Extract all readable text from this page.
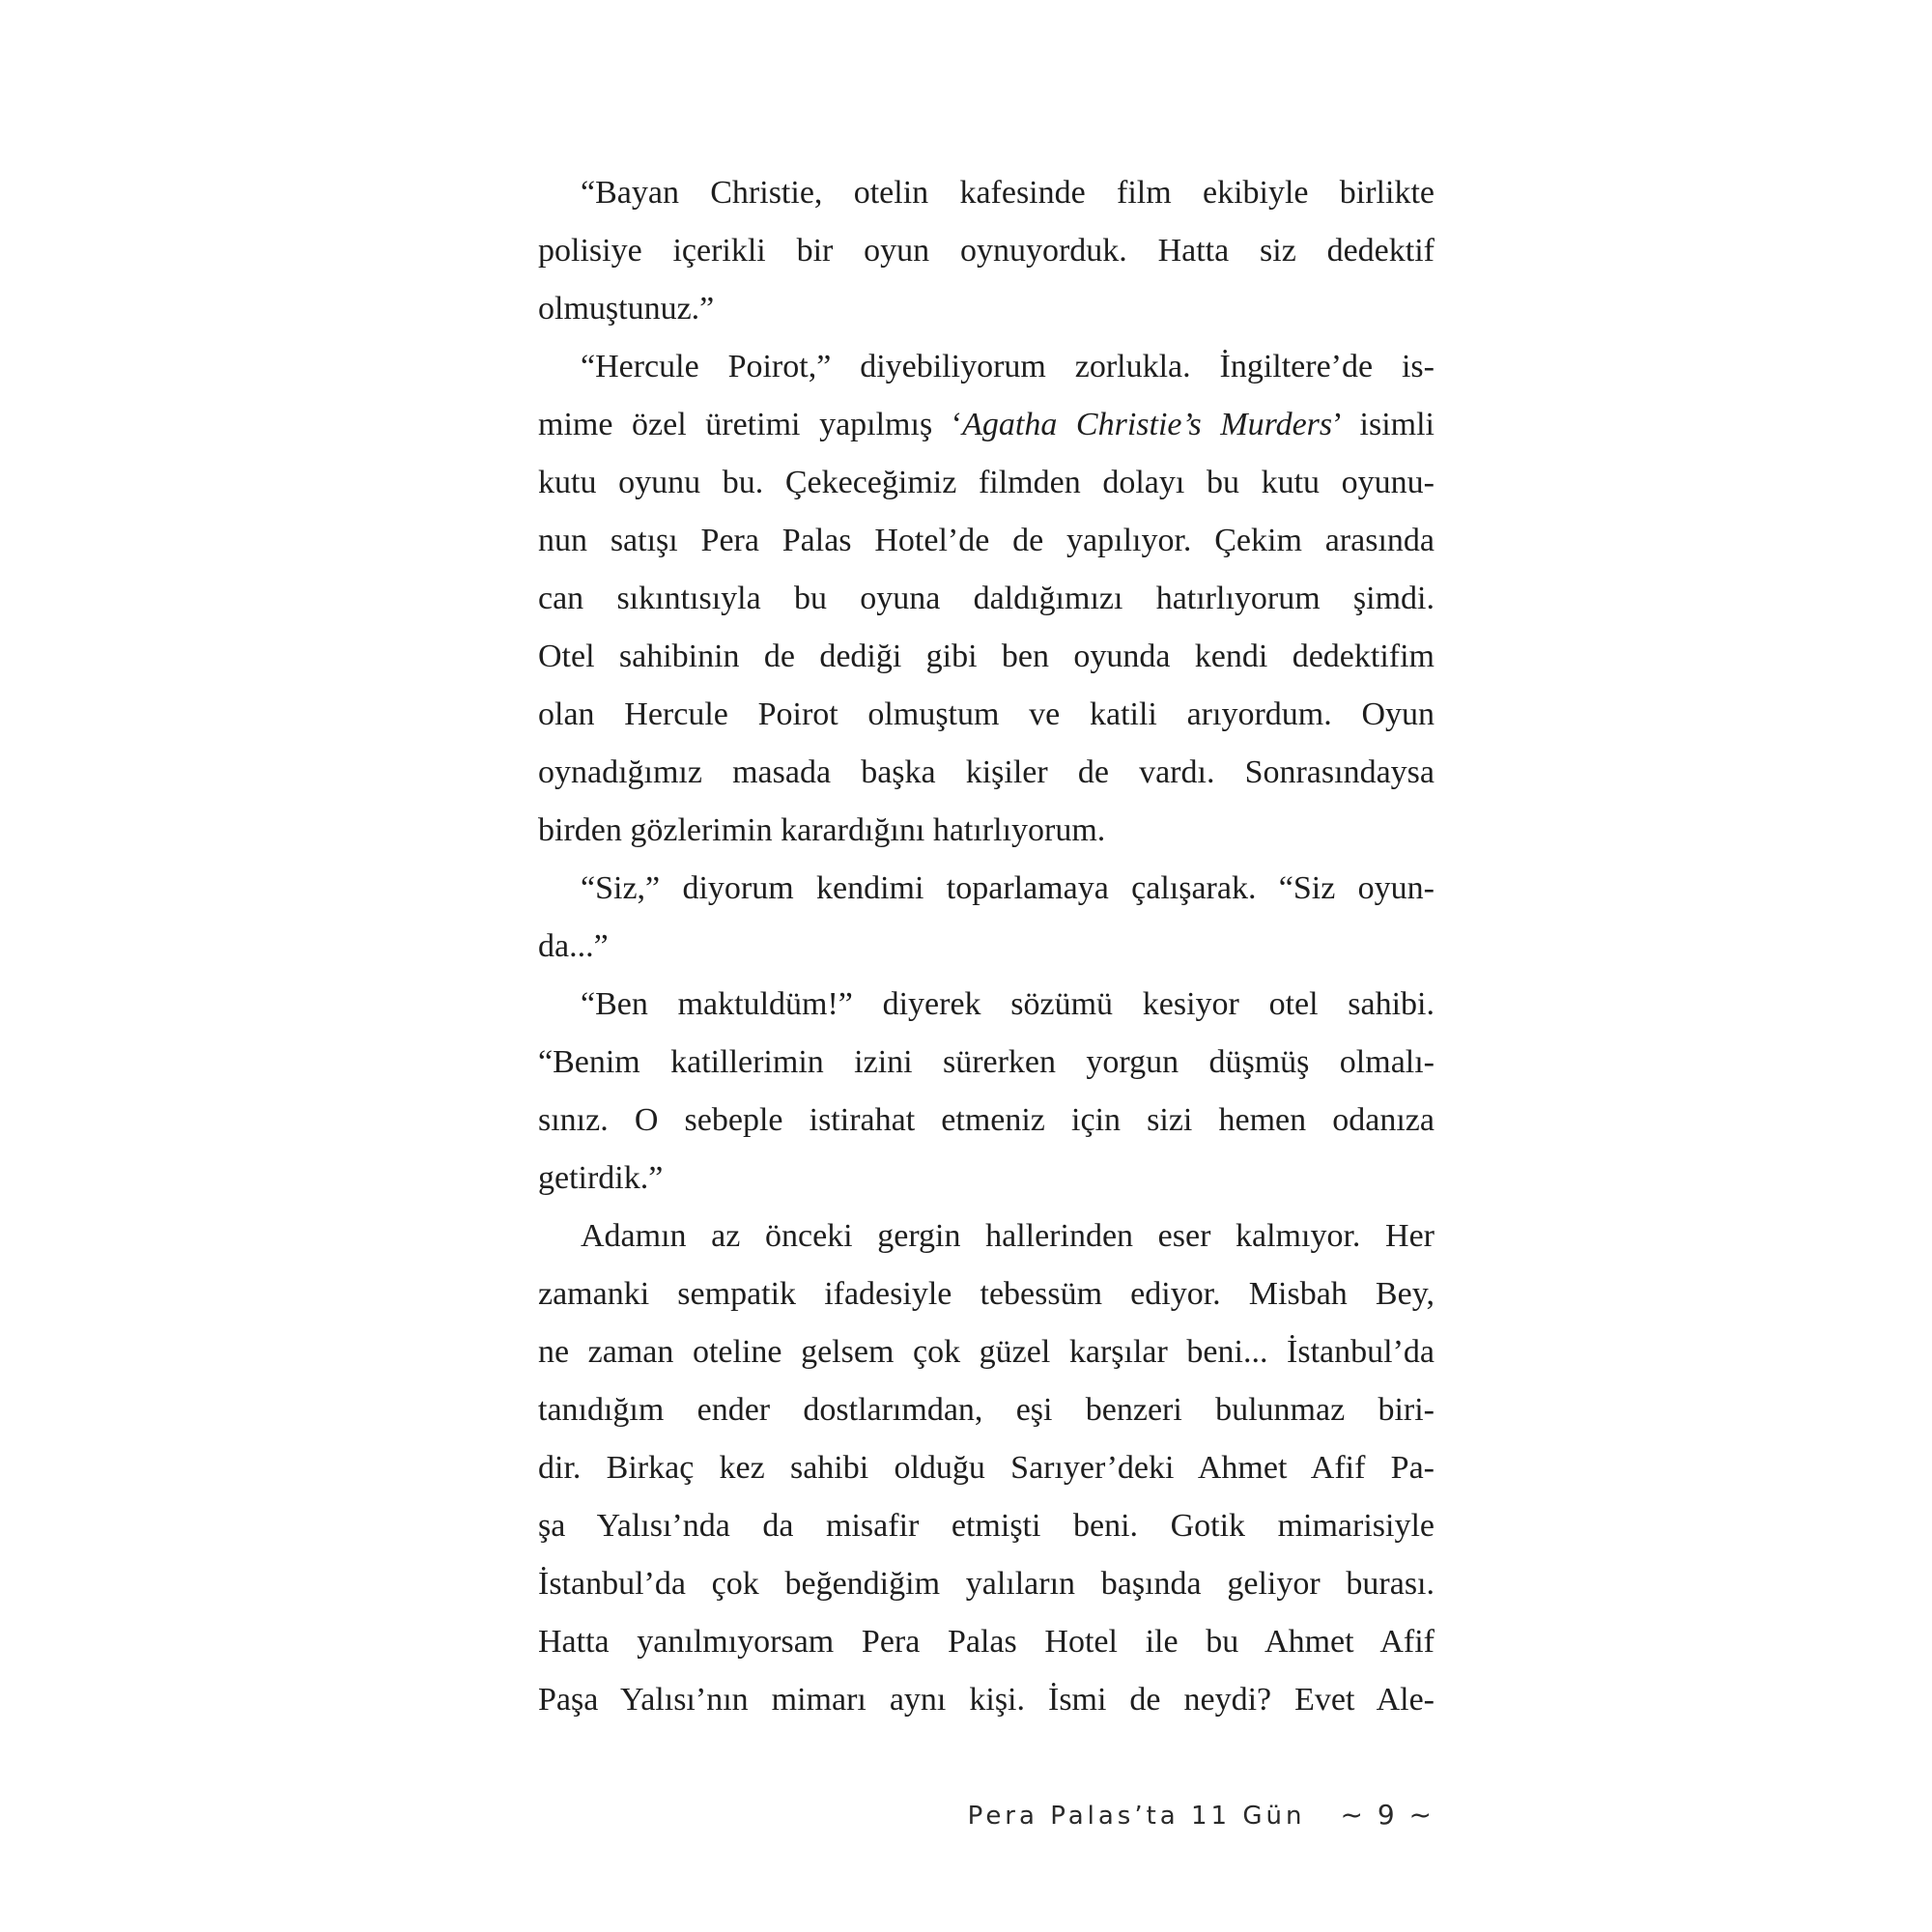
“Bayan Christie, otelin kafesinde film ekibiyle birlikte
polisiye içerikli bir oyun oynuyorduk. Hatta siz dedektif
olmuştunuz.”
“Hercule Poirot,” diyebiliyorum zorlukla. İngiltere’de is-
mime özel üretimi yapılmış ‘Agatha Christie’s Murders’ isimli
kutu oyunu bu. Çekeceğimiz filmden dolayı bu kutu oyunu-
nun satışı Pera Palas Hotel’de de yapılıyor. Çekim arasında
can sıkıntısıyla bu oyuna daldığımızı hatırlıyorum şimdi.
Otel sahibinin de dediği gibi ben oyunda kendi dedektifim
olan Hercule Poirot olmuştum ve katili arıyordum. Oyun
oynadığımız masada başka kişiler de vardı. Sonrasındaysa
birden gözlerimin karardığını hatırlıyorum.
“Siz,” diyorum kendimi toparlamaya çalışarak. “Siz oyun-
da...”
“Ben maktuldüm!” diyerek sözümü kesiyor otel sahibi.
“Benim katillerimin izini sürerken yorgun düşmüş olmalı-
sınız. O sebeple istirahat etmeniz için sizi hemen odanıza
getirdik.”
Adamın az önceki gergin hallerinden eser kalmıyor. Her
zamanki sempatik ifadesiyle tebessüm ediyor. Misbah Bey,
ne zaman oteline gelsem çok güzel karşılar beni... İstanbul’da
tanıdığım ender dostlarımdan, eşi benzeri bulunmaz biri-
dir. Birkaç kez sahibi olduğu Sarıyer’deki Ahmet Afif Pa-
şa Yalısı’nda da misafir etmişti beni. Gotik mimarisiyle
İstanbul’da çok beğendiğim yalıların başında geliyor burası.
Hatta yanılmıyorsam Pera Palas Hotel ile bu Ahmet Afif
Paşa Yalısı’nın mimarı aynı kişi. İsmi de neydi? Evet Ale-
Pera Palas’ta 11 Gün ~ 9 ~
